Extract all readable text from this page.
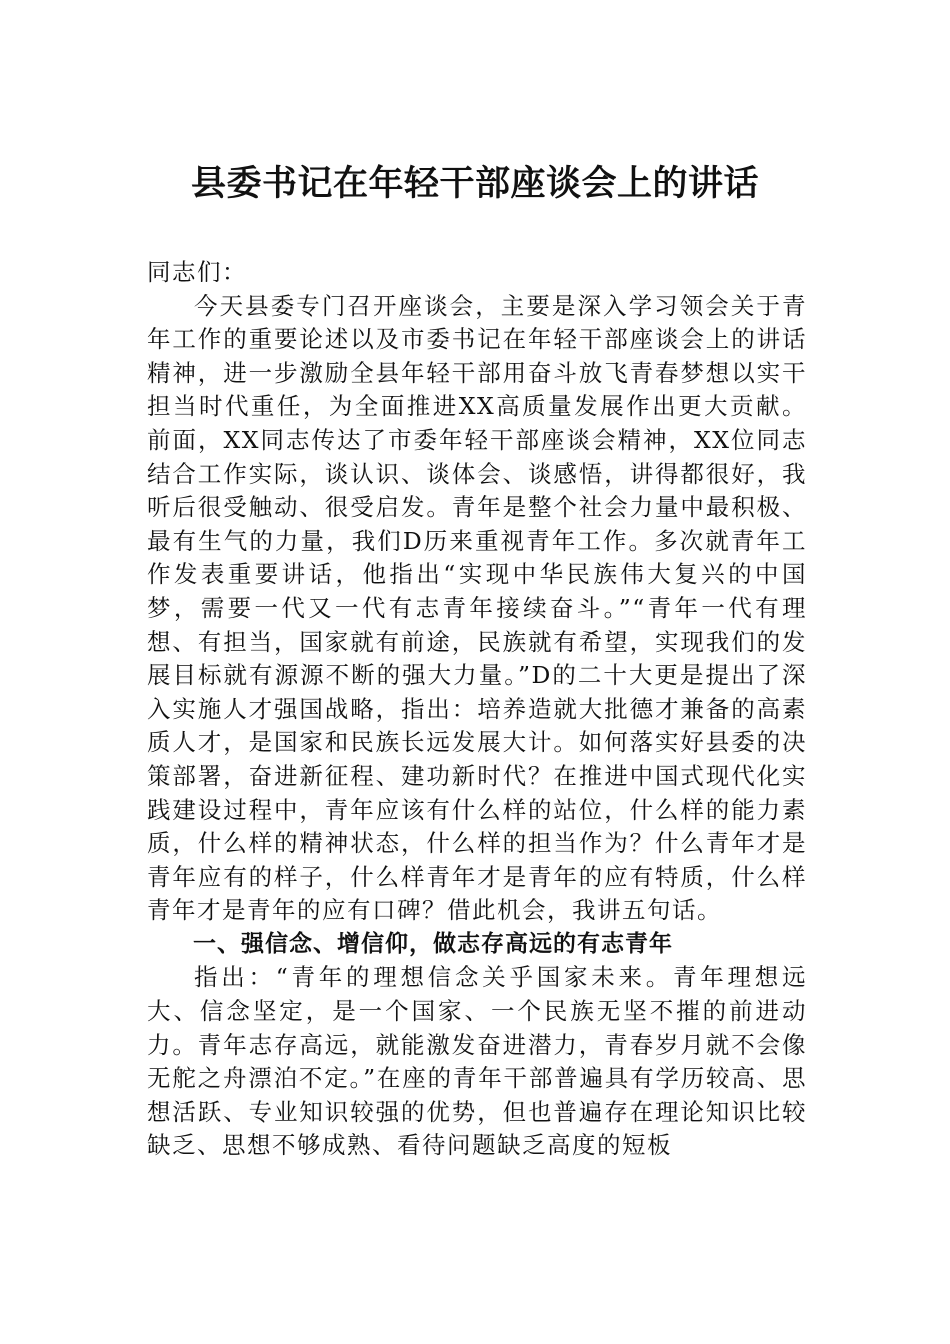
县委书记在年轻干部座谈会上的讲话

同志们：

今天县委专门召开座谈会，主要是深入学习领会关于青年工作的重要论述以及市委书记在年轻干部座谈会上的讲话精神，进一步激励全县年轻干部用奋斗放飞青春梦想以实干担当时代重任，为全面推进XX高质量发展作出更大贡献。前面，XX同志传达了市委年轻干部座谈会精神，XX位同志结合工作实际，谈认识、谈体会、谈感悟，讲得都很好，我听后很受触动、很受启发。青年是整个社会力量中最积极、最有生气的力量，我们D历来重视青年工作。多次就青年工作发表重要讲话，他指出“实现中华民族伟大复兴的中国梦，需要一代又一代有志青年接续奋斗。”“青年一代有理想、有担当，国家就有前途，民族就有希望，实现我们的发展目标就有源源不断的强大力量。”D的二十大更是提出了深入实施人才强国战略，指出：培养造就大批德才兼备的高素质人才，是国家和民族长远发展大计。如何落实好县委的决策部署，奋进新征程、建功新时代？在推进中国式现代化实践建设过程中，青年应该有什么样的站位，什么样的能力素质，什么样的精神状态，什么样的担当作为？什么青年才是青年应有的样子，什么样青年才是青年的应有特质，什么样青年才是青年的应有口碑？借此机会，我讲五句话。

一、强信念、增信仰，做志存高远的有志青年

指出：“青年的理想信念关乎国家未来。青年理想远大、信念坚定，是一个国家、一个民族无坚不摧的前进动力。青年志存高远，就能激发奋进潜力，青春岁月就不会像无舵之舟漂泊不定。”在座的青年干部普遍具有学历较高、思想活跃、专业知识较强的优势，但也普遍存在理论知识比较缺乏、思想不够成熟、看待问题缺乏高度的短板
